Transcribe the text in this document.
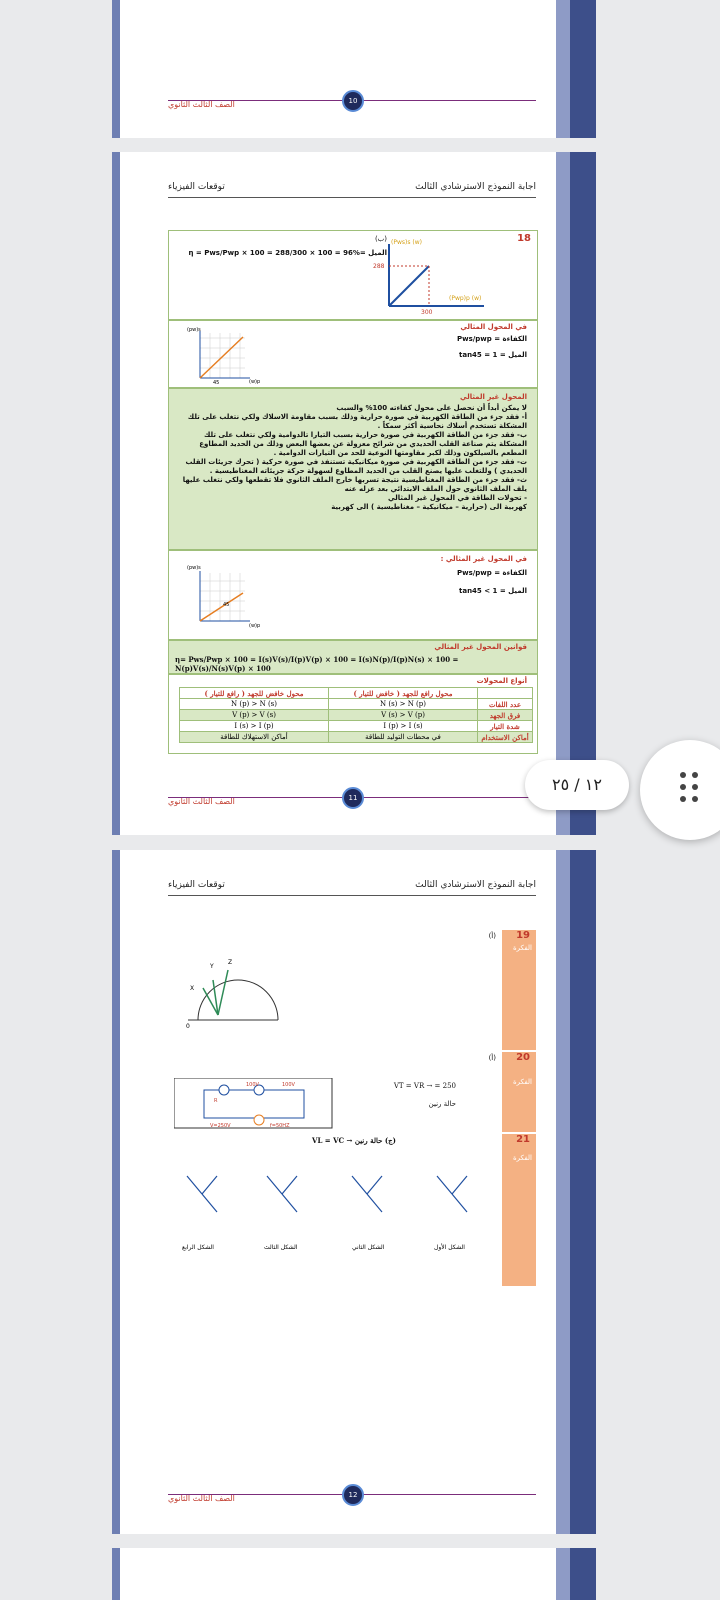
الصف الثالث الثانوي	10
اجابة النموذج الاسترشادي الثالث
توقعات الفيزياء
18
(ب)
الميل =η = Pws/Pwp × 100 = 288/300 × 100 = 96%
288
300
(Pws)s (w)
(Pwp)p (w)
في المحول المثالي
الكفاءة = Pws/pwp
الميل = 1 = tan45
(pw)s
(w)p
45
المحول غير المثالي
لا يمكن أبداً أن نحصل على محول كفاءته 100% والسبب
أ- فقد جزء من الطاقة الكهربية في صورة حرارية وذلك بسبب مقاومة الاسلاك ولكي نتغلب على تلك المشكلة تستخدم أسلاك نحاسية أكثر سمكاً .
ب- فقد جزء من الطاقة الكهربية في صورة حرارية بسبب التيارا تالدوامية ولكي نتغلب على تلك المشكلة يتم صناعة القلب الحديدي من شرائح معزولة عن بعضها البعض وذلك من الحديد المطاوع المطعم بالسيلكون وذلك لكبر مقاومتها النوعية للحد من التيارات الدوامية .
ت- فقد جزء من الطاقة الكهربية في صورة ميكانيكية تستنفذ في صورة حركية ( تحرك جزيئات القلب الحديدي ) وللتغلب عليها يصنع القلب من الحديد المطاوع لسهولة حركة جزيئاته المغناطيسية .
ث- فقد جزء من الطاقة المغناطيسية نتيجة تسربها خارج الملف الثانوي فلا تقطعها ولكي نتغلب عليها يلف الملف الثانوي حول الملف الابتدائي بعد عزله عنه
- تحولات الطاقة في المحول غير المثالي
كهربية الى (حرارية – ميكانيكية – مغناطيسية ) الى كهربية
في المحول غير المثالي :
الكفاءة = Pws/pwp
الميل = 1 > tan45
(pw)s
(w)p
45
قوانين المحول غير المثالي
η= Pws/Pwp × 100 = I(s)V(s)/I(p)V(p) × 100 = I(s)N(p)/I(p)N(s) × 100 = N(p)V(s)/N(s)V(p) × 100
أنواع المحولات
	محول رافع للجهد ( خافض للتيار )	محول خافض للجهد ( رافع للتيار )
عدد اللفات	N (s) > N (p)	N (p) > N (s)
فرق الجهد	V (s) > V (p)	V (p) > V (s)
شدة التيار	I (p) > I (s)	I (s) > I (p)
أماكن الاستخدام	في محطات التوليد للطاقة	أماكن الاستهلاك للطاقة
الصف الثالث الثانوي	11
اجابة النموذج الاسترشادي الثالث
توقعات الفيزياء
19
الفكرة
(أ)
Y
Z
X
0
20
الفكرة
(أ)
VT = VR → = 250
حالة رنين
100V	100V
R
V=250V	f=50HZ
21
الفكرة
(ج) حالة رنين → VL = VC
الشكل الرابع	الشكل الثالث	الشكل الثاني	الشكل الأول
الصف الثالث الثانوي	12
١٢ / ٢٥
